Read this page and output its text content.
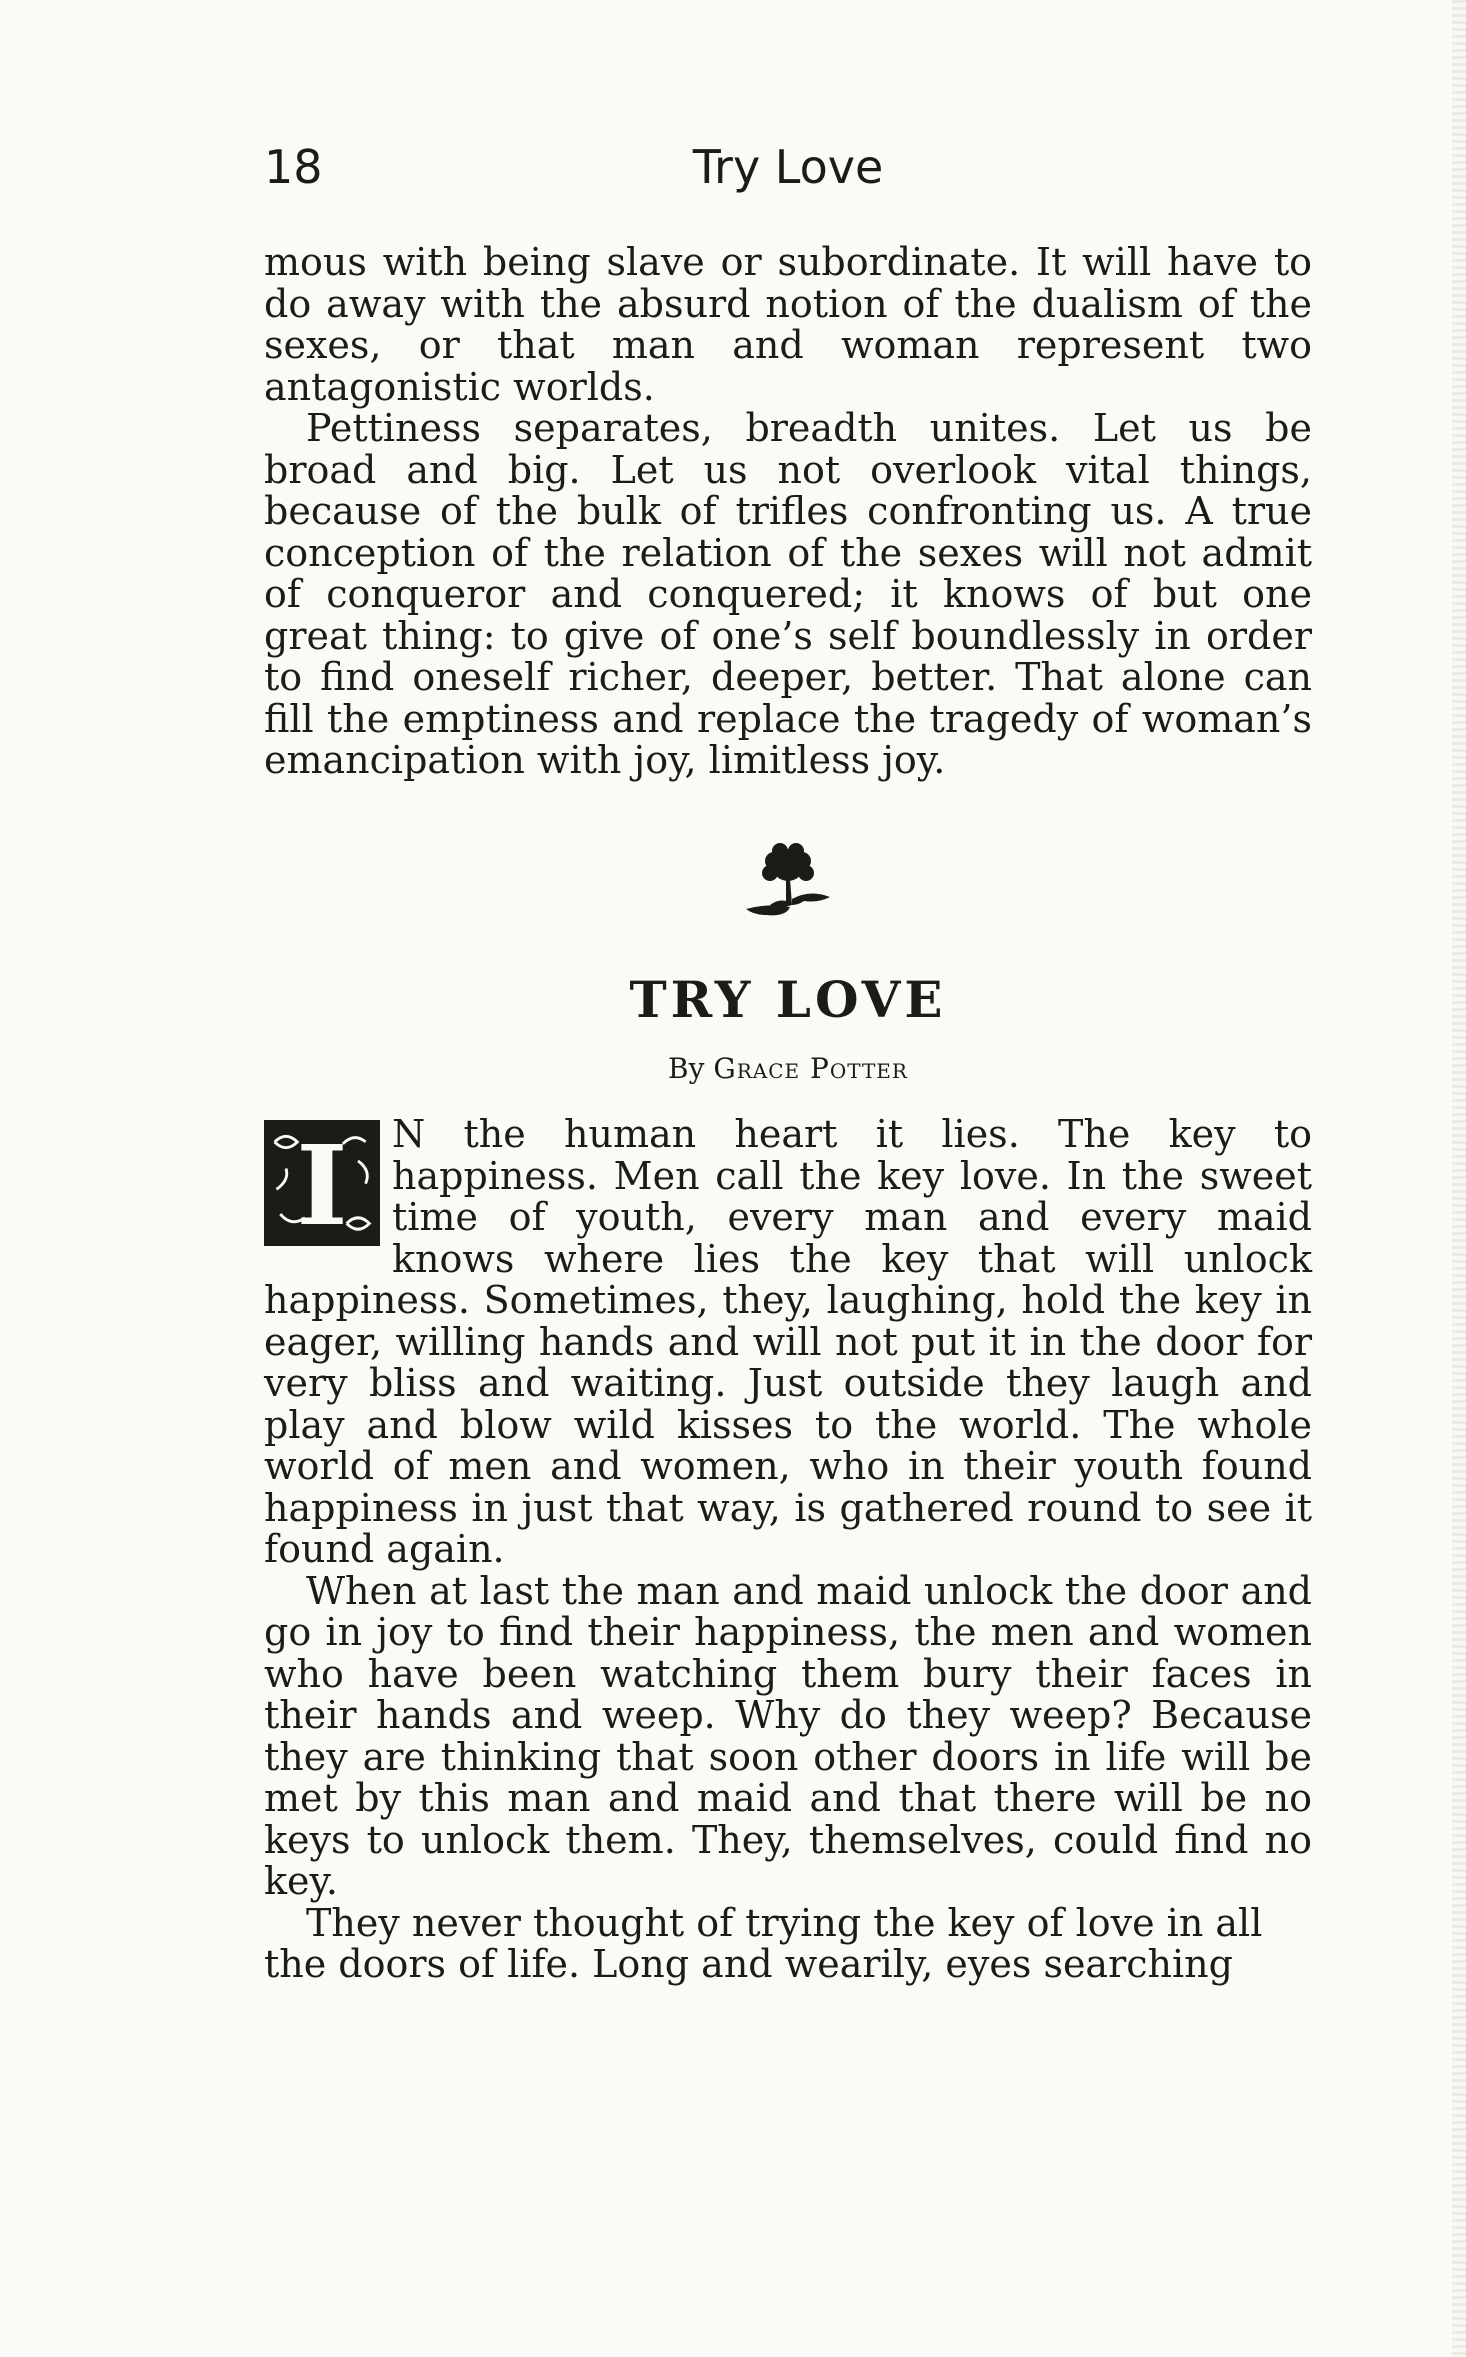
18	Try Love

mous with being slave or subordinate. It will have to do away with the absurd notion of the dualism of the sexes, or that man and woman represent two antagonistic worlds.

Pettiness separates, breadth unites. Let us be broad and big. Let us not overlook vital things, because of the bulk of trifles confronting us. A true conception of the relation of the sexes will not admit of conqueror and conquered; it knows of but one great thing: to give of one’s self boundlessly in order to find oneself richer, deeper, better. That alone can fill the emptiness and replace the tragedy of woman’s emancipation with joy, limitless joy.

TRY LOVE
By Grace Potter
I	N the human heart it lies. The key to happiness. Men call the key love. In the sweet time of youth, every man and every maid knows where lies the key that will unlock happiness. Sometimes, they, laughing, hold the key in eager, willing hands and will not put it in the door for very bliss and waiting. Just outside they laugh and play and blow wild kisses to the world. The whole world of men and women, who in their youth found happiness in just that way, is gathered round to see it found again.

When at last the man and maid unlock the door and go in joy to find their happiness, the men and women who have been watching them bury their faces in their hands and weep. Why do they weep? Because they are thinking that soon other doors in life will be met by this man and maid and that there will be no keys to unlock them. They, themselves, could find no key.

They never thought of trying the key of love in all the doors of life. Long and wearily, eyes searching
